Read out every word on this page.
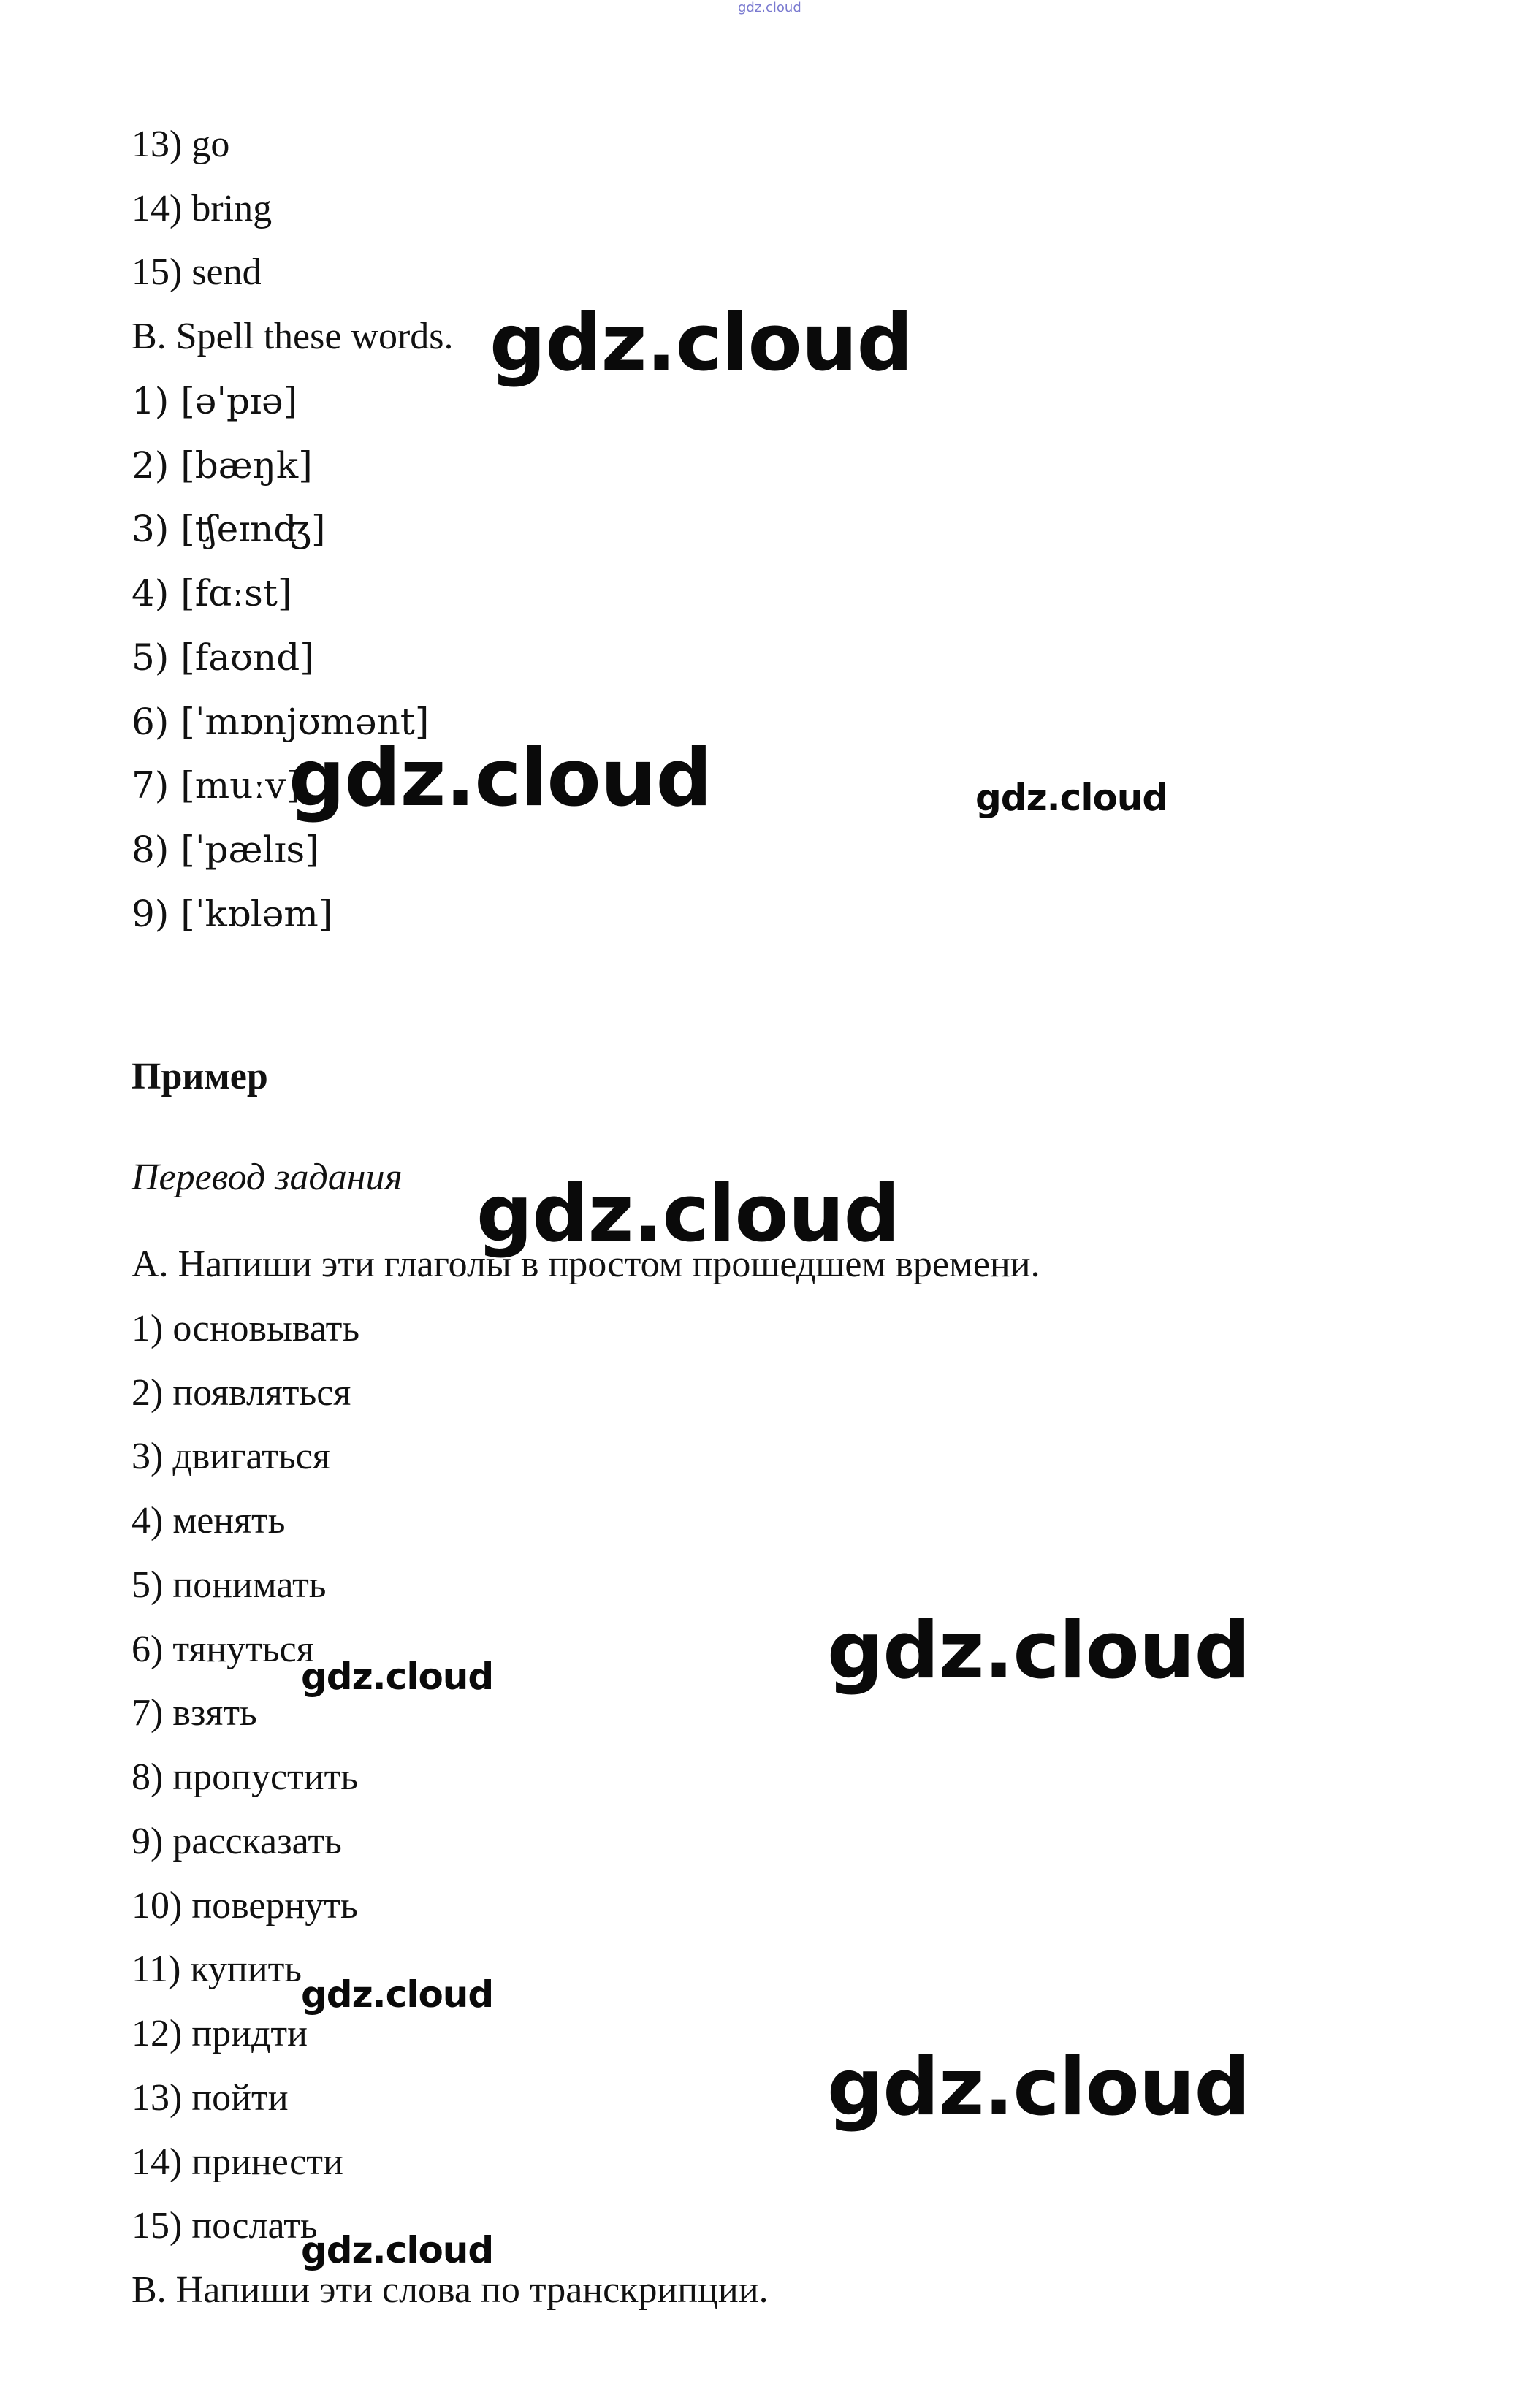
gdz.cloud
13) go
14) bring
15) send
B. Spell these words.
1) [əˈpɪə]
2) [bæŋk]
3) [ʧeɪnʤ]
4) [fɑːst]
5) [faʊnd]
6) [ˈmɒnjʊmənt]
7) [muːv]
8) [ˈpælɪs]
9) [ˈkɒləm]
Пример
Перевод задания
A. Напиши эти глаголы в простом прошедшем времени.
1) основывать
2) появляться
3) двигаться
4) менять
5) понимать
6) тянуться
7) взять
8) пропустить
9) рассказать
10) повернуть
11) купить
12) придти
13) пойти
14) принести
15) послать
B. Напиши эти слова по транскрипции.
gdz.cloud
gdz.cloud	gdz.cloud
gdz.cloud
gdz.cloud
gdz.cloud
gdz.cloud
gdz.cloud
gdz.cloud
